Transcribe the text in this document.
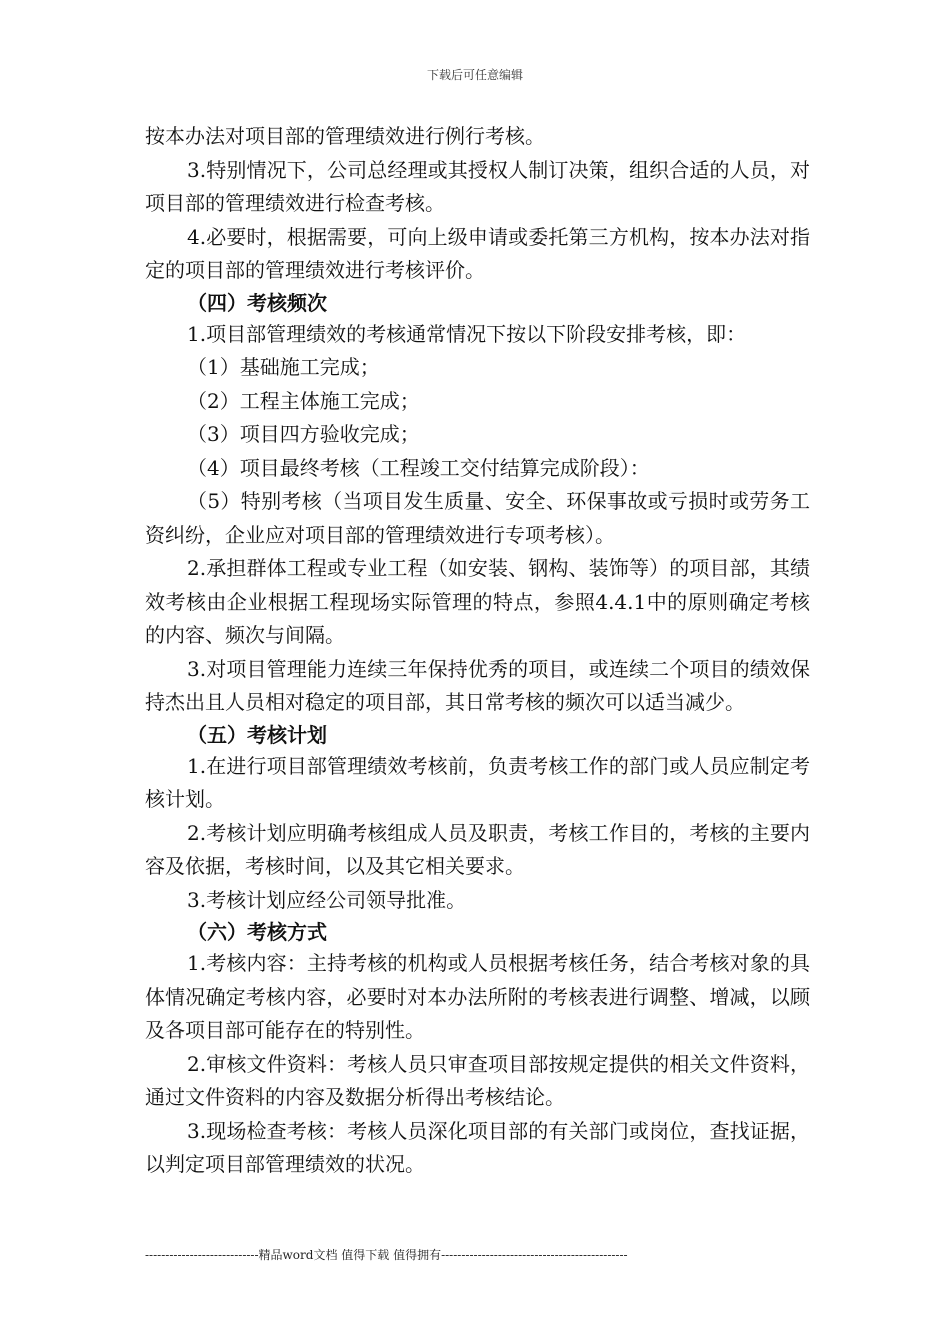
下载后可任意编辑

按本办法对项目部的管理绩效进行例行考核。

3.特别情况下，公司总经理或其授权人制订决策，组织合适的人员，对项目部的管理绩效进行检查考核。

4.必要时，根据需要，可向上级申请或委托第三方机构，按本办法对指定的项目部的管理绩效进行考核评价。

（四）考核频次

1.项目部管理绩效的考核通常情况下按以下阶段安排考核，即：

（1）基础施工完成；

（2）工程主体施工完成；

（3）项目四方验收完成；

（4）项目最终考核（工程竣工交付结算完成阶段）：

（5）特别考核（当项目发生质量、安全、环保事故或亏损时或劳务工资纠纷，企业应对项目部的管理绩效进行专项考核）。

2.承担群体工程或专业工程（如安装、钢构、装饰等）的项目部，其绩效考核由企业根据工程现场实际管理的特点，参照4.4.1中的原则确定考核的内容、频次与间隔。

3.对项目管理能力连续三年保持优秀的项目，或连续二个项目的绩效保持杰出且人员相对稳定的项目部，其日常考核的频次可以适当减少。

（五）考核计划

1.在进行项目部管理绩效考核前，负责考核工作的部门或人员应制定考核计划。

2.考核计划应明确考核组成人员及职责，考核工作目的，考核的主要内容及依据，考核时间，以及其它相关要求。

3.考核计划应经公司领导批准。

（六）考核方式

1.考核内容：主持考核的机构或人员根据考核任务，结合考核对象的具体情况确定考核内容，必要时对本办法所附的考核表进行调整、增减，以顾及各项目部可能存在的特别性。

2.审核文件资料：考核人员只审查项目部按规定提供的相关文件资料，通过文件资料的内容及数据分析得出考核结论。

3.现场检查考核：考核人员深化项目部的有关部门或岗位，查找证据，以判定项目部管理绩效的状况。

----------------------------精品word文档 值得下载 值得拥有----------------------------------------------
